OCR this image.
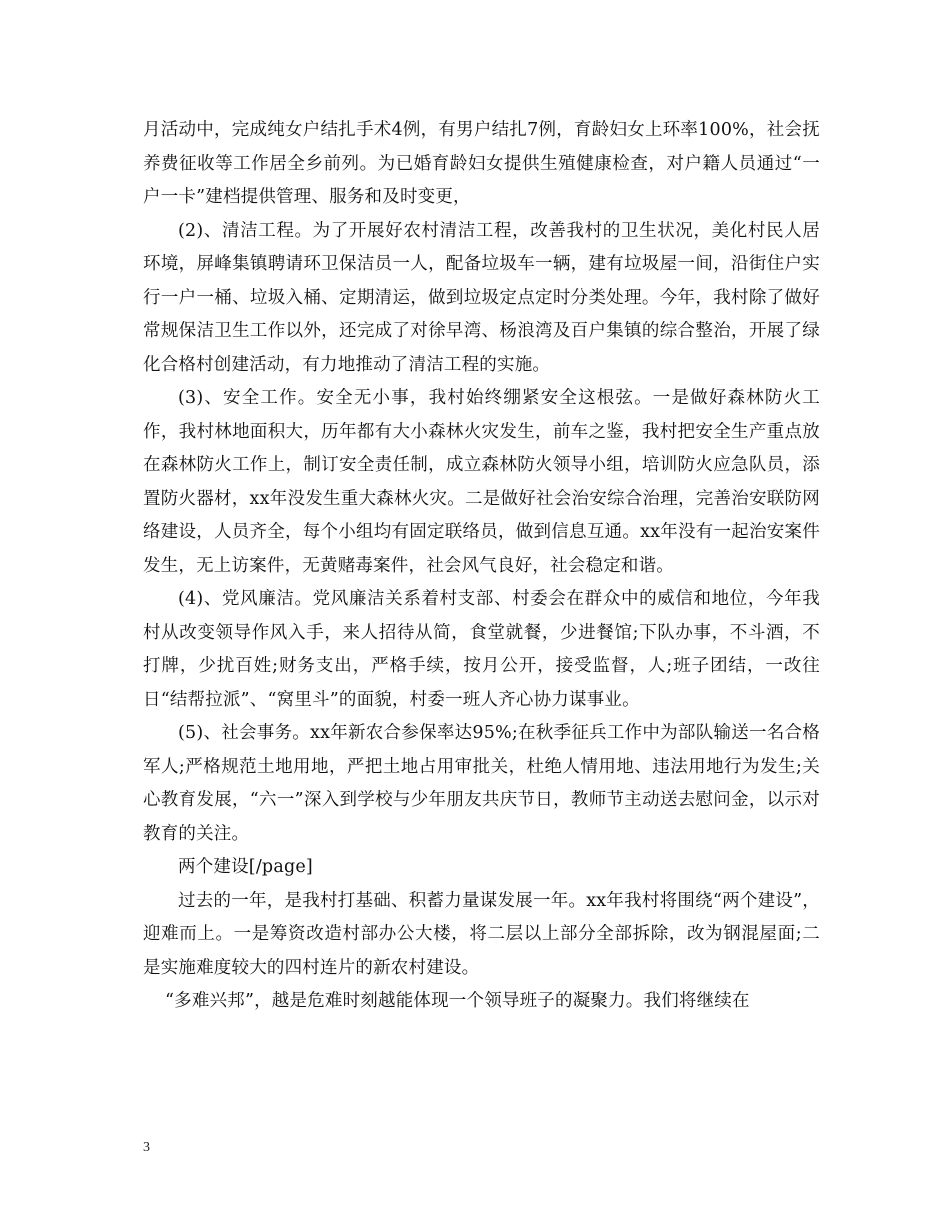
月活动中，完成纯女户结扎手术4例，有男户结扎7例，育龄妇女上环率100%，社会抚养费征收等工作居全乡前列。为已婚育龄妇女提供生殖健康检查，对户籍人员通过“一户一卡”建档提供管理、服务和及时变更，

(2)、清洁工程。为了开展好农村清洁工程，改善我村的卫生状况，美化村民人居环境，屏峰集镇聘请环卫保洁员一人，配备垃圾车一辆，建有垃圾屋一间，沿街住户实行一户一桶、垃圾入桶、定期清运，做到垃圾定点定时分类处理。今年，我村除了做好常规保洁卫生工作以外，还完成了对徐早湾、杨浪湾及百户集镇的综合整治，开展了绿化合格村创建活动，有力地推动了清洁工程的实施。

(3)、安全工作。安全无小事，我村始终绷紧安全这根弦。一是做好森林防火工作，我村林地面积大，历年都有大小森林火灾发生，前车之鉴，我村把安全生产重点放在森林防火工作上，制订安全责任制，成立森林防火领导小组，培训防火应急队员，添置防火器材，xx年没发生重大森林火灾。二是做好社会治安综合治理，完善治安联防网络建设，人员齐全，每个小组均有固定联络员，做到信息互通。xx年没有一起治安案件发生，无上访案件，无黄赌毒案件，社会风气良好，社会稳定和谐。

(4)、党风廉洁。党风廉洁关系着村支部、村委会在群众中的威信和地位，今年我村从改变领导作风入手，来人招待从简，食堂就餐，少进餐馆;下队办事，不斗酒，不打牌，少扰百姓;财务支出，严格手续，按月公开，接受监督，人;班子团结，一改往日“结帮拉派”、“窝里斗”的面貌，村委一班人齐心协力谋事业。

(5)、社会事务。xx年新农合参保率达95%;在秋季征兵工作中为部队输送一名合格军人;严格规范土地用地，严把土地占用审批关，杜绝人情用地、违法用地行为发生;关心教育发展，“六一”深入到学校与少年朋友共庆节日，教师节主动送去慰问金，以示对教育的关注。

两个建设[/page]

过去的一年，是我村打基础、积蓄力量谋发展一年。xx年我村将围绕“两个建设”，迎难而上。一是筹资改造村部办公大楼，将二层以上部分全部拆除，改为钢混屋面;二是实施难度较大的四村连片的新农村建设。

“多难兴邦”，越是危难时刻越能体现一个领导班子的凝聚力。我们将继续在

3
